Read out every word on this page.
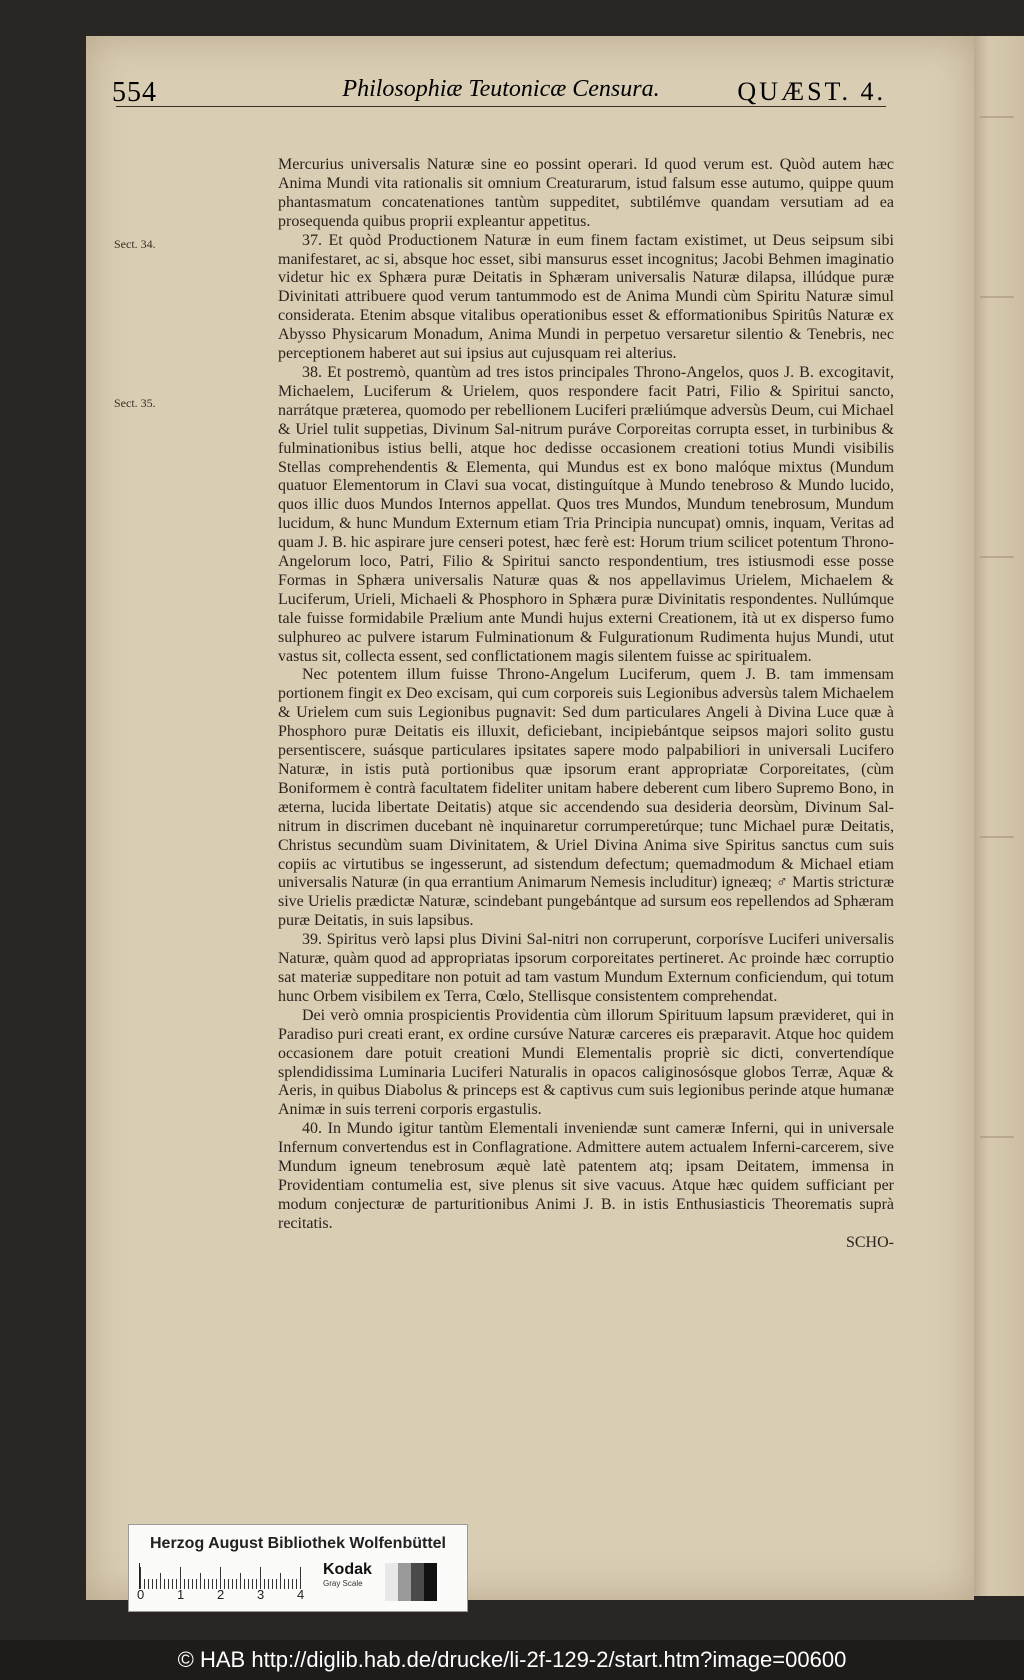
554	Philosophiæ Teutonicæ Censura.	QUÆST. 4.
Sect. 34.
Sect. 35.

Mercurius universalis Naturæ sine eo possint operari. Id quod verum est. Quòd autem hæc Anima Mundi vita rationalis sit omnium Creaturarum, istud falsum esse autumo, quippe quum phantasmatum concatenationes tantùm suppeditet, subtilémve quandam versutiam ad ea prosequenda quibus proprii expleantur appetitus.

37. Et quòd Productionem Naturæ in eum finem factam existimet, ut Deus seipsum sibi manifestaret, ac si, absque hoc esset, sibi mansurus esset incognitus; Jacobi Behmen imaginatio videtur hic ex Sphæra puræ Deitatis in Sphæram universalis Naturæ dilapsa, illúdque puræ Divinitati attribuere quod verum tantummodo est de Anima Mundi cùm Spiritu Naturæ simul considerata. Etenim absque vitalibus operationibus esset & efformationibus Spiritûs Naturæ ex Abysso Physicarum Monadum, Anima Mundi in perpetuo versaretur silentio & Tenebris, nec perceptionem haberet aut sui ipsius aut cujusquam rei alterius.

38. Et postremò, quantùm ad tres istos principales Throno-Angelos, quos J. B. excogitavit, Michaelem, Luciferum & Urielem, quos respondere facit Patri, Filio & Spiritui sancto, narrátque præterea, quomodo per rebellionem Luciferi præliúmque adversùs Deum, cui Michael & Uriel tulit suppetias, Divinum Sal-nitrum puráve Corporeitas corrupta esset, in turbinibus & fulminationibus istius belli, atque hoc dedisse occasionem creationi totius Mundi visibilis Stellas comprehendentis & Elementa, qui Mundus est ex bono malóque mixtus (Mundum quatuor Elementorum in Clavi sua vocat, distinguítque à Mundo tenebroso & Mundo lucido, quos illic duos Mundos Internos appellat. Quos tres Mundos, Mundum tenebrosum, Mundum lucidum, & hunc Mundum Externum etiam Tria Principia nuncupat) omnis, inquam, Veritas ad quam J. B. hic aspirare jure censeri potest, hæc ferè est: Horum trium scilicet potentum Throno-Angelorum loco, Patri, Filio & Spiritui sancto respondentium, tres istiusmodi esse posse Formas in Sphæra universalis Naturæ quas & nos appellavimus Urielem, Michaelem & Luciferum, Urieli, Michaeli & Phosphoro in Sphæra puræ Divinitatis respondentes. Nullúmque tale fuisse formidabile Prælium ante Mundi hujus externi Creationem, ità ut ex disperso fumo sulphureo ac pulvere istarum Fulminationum & Fulgurationum Rudimenta hujus Mundi, utut vastus sit, collecta essent, sed conflictationem magis silentem fuisse ac spiritualem.

Nec potentem illum fuisse Throno-Angelum Luciferum, quem J. B. tam immensam portionem fingit ex Deo excisam, qui cum corporeis suis Legionibus adversùs talem Michaelem & Urielem cum suis Legionibus pugnavit: Sed dum particulares Angeli à Divina Luce quæ à Phosphoro puræ Deitatis eis illuxit, deficiebant, incipiebántque seipsos majori solito gustu persentiscere, suásque particulares ipsitates sapere modo palpabiliori in universali Lucifero Naturæ, in istis putà portionibus quæ ipsorum erant appropriatæ Corporeitates, (cùm Boniformem è contrà facultatem fideliter unitam habere deberent cum libero Supremo Bono, in æterna, lucida libertate Deitatis) atque sic accendendo sua desideria deorsùm, Divinum Sal-nitrum in discrimen ducebant nè inquinaretur corrumperetúrque; tunc Michael puræ Deitatis, Christus secundùm suam Divinitatem, & Uriel Divina Anima sive Spiritus sanctus cum suis copiis ac virtutibus se ingesserunt, ad sistendum defectum; quemadmodum & Michael etiam universalis Naturæ (in qua errantium Animarum Nemesis includitur) igneæq; ♂ Martis stricturæ sive Urielis prædictæ Naturæ, scindebant pungebántque ad sursum eos repellendos ad Sphæram puræ Deitatis, in suis lapsibus.

39. Spiritus verò lapsi plus Divini Sal-nitri non corruperunt, corporísve Luciferi universalis Naturæ, quàm quod ad appropriatas ipsorum corporeitates pertineret. Ac proinde hæc corruptio sat materiæ suppeditare non potuit ad tam vastum Mundum Externum conficiendum, qui totum hunc Orbem visibilem ex Terra, Cœlo, Stellisque consistentem comprehendat.

Dei verò omnia prospicientis Providentia cùm illorum Spirituum lapsum prævideret, qui in Paradiso puri creati erant, ex ordine cursúve Naturæ carceres eis præparavit. Atque hoc quidem occasionem dare potuit creationi Mundi Elementalis propriè sic dicti, convertendíque splendidissima Luminaria Luciferi Naturalis in opacos caliginosósque globos Terræ, Aquæ & Aeris, in quibus Diabolus & princeps est & captivus cum suis legionibus perinde atque humanæ Animæ in suis terreni corporis ergastulis.

40. In Mundo igitur tantùm Elementali inveniendæ sunt cameræ Inferni, qui in universale Infernum convertendus est in Conflagratione. Admittere autem actualem Inferni-carcerem, sive Mundum igneum tenebrosum æquè latè patentem atq; ipsam Deitatem, immensa in Providentiam contumelia est, sive plenus sit sive vacuus. Atque hæc quidem sufficiant per modum conjecturæ de parturitionibus Animi J. B. in istis Enthusiasticis Theorematis suprà recitatis.

SCHO-

Herzog August Bibliothek Wolfenbüttel
0	1	2	3	4
Kodak
Gray Scale
© HAB http://diglib.hab.de/drucke/li-2f-129-2/start.htm?image=00600
